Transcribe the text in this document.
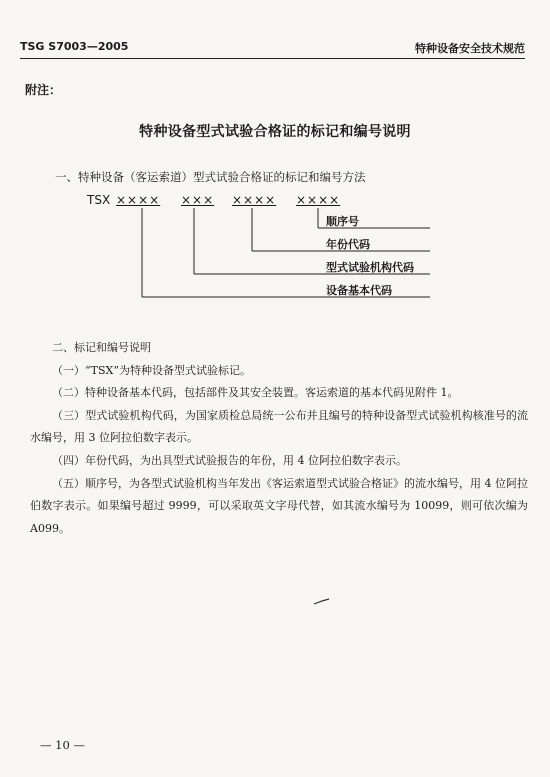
TSG S7003—2005	特种设备安全技术规范
附注：
特种设备型式试验合格证的标记和编号说明
一、特种设备（客运索道）型式试验合格证的标记和编号方法
TSX ×××× ××× ×××× ××××
顺序号
年份代码
型式试验机构代码
设备基本代码

二、标记和编号说明

（一）“TSX”为特种设备型式试验标记。

（二）特种设备基本代码，包括部件及其安全装置。客运索道的基本代码见附件 1。

（三）型式试验机构代码，为国家质检总局统一公布并且编号的特种设备型式试验机构核准号的流水编号，用 3 位阿拉伯数字表示。

（四）年份代码，为出具型式试验报告的年份，用 4 位阿拉伯数字表示。

（五）顺序号，为各型式试验机构当年发出《客运索道型式试验合格证》的流水编号，用 4 位阿拉伯数字表示。如果编号超过 9999，可以采取英文字母代替，如其流水编号为 10099，则可依次编为 A099。

— 10 —
